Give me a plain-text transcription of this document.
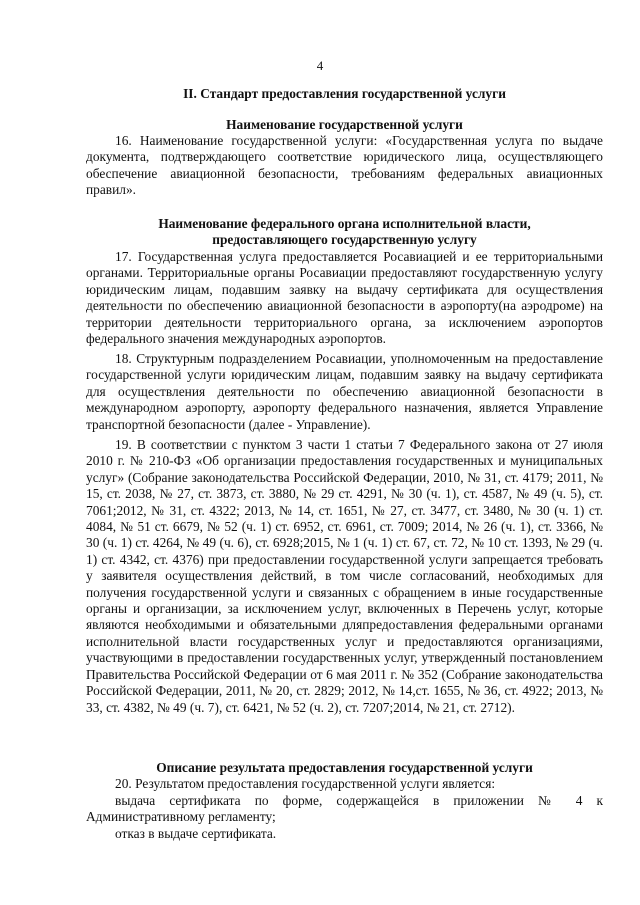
4
II. Стандарт предоставления государственной услуги
Наименование государственной услуги

16. Наименование государственной услуги: «Государственная услуга по выдаче документа, подтверждающего соответствие юридического лица, осуществляющего обеспечение авиационной безопасности, требованиям федеральных авиационных правил».

Наименование федерального органа исполнительной власти,
предоставляющего государственную услугу

17. Государственная услуга предоставляется Росавиацией и ее территориальными органами. Территориальные органы Росавиации предоставляют государственную услугу юридическим лицам, подавшим заявку на выдачу сертификата для осуществления деятельности по обеспечению авиационной безопасности в аэропорту(на аэродроме) на территории деятельности территориального органа, за исключением аэропортов федерального значения международных аэропортов.

18. Структурным подразделением Росавиации, уполномоченным на предоставление государственной услуги юридическим лицам, подавшим заявку на выдачу сертификата для осуществления деятельности по обеспечению авиационной безопасности в международном аэропорту, аэропорту федерального назначения, является Управление транспортной безопасности (далее - Управление).

19. В соответствии с пунктом 3 части 1 статьи 7 Федерального закона от 27 июля 2010 г. № 210-ФЗ «Об организации предоставления государственных и муниципальных услуг» (Собрание законодательства Российской Федерации, 2010, № 31, ст. 4179; 2011, № 15, ст. 2038, № 27, ст. 3873, ст. 3880, № 29 ст. 4291, № 30 (ч. 1), ст. 4587, № 49 (ч. 5), ст. 7061;2012, № 31, ст. 4322; 2013, № 14, ст. 1651, № 27, ст. 3477, ст. 3480, № 30 (ч. 1) ст. 4084, № 51 ст. 6679, № 52 (ч. 1) ст. 6952, ст. 6961, ст. 7009; 2014, № 26 (ч. 1), ст. 3366, № 30 (ч. 1) ст. 4264, № 49 (ч. 6), ст. 6928;2015, № 1 (ч. 1) ст. 67, ст. 72, № 10 ст. 1393, № 29 (ч. 1) ст. 4342, ст. 4376) при предоставлении государственной услуги запрещается требовать у заявителя осуществления действий, в том числе согласований, необходимых для получения государственной услуги и связанных с обращением в иные государственные органы и организации, за исключением услуг, включенных в Перечень услуг, которые являются необходимыми и обязательными дляпредоставления федеральными органами исполнительной власти государственных услуг и предоставляются организациями, участвующими в предоставлении государственных услуг, утвержденный постановлением Правительства Российской Федерации от 6 мая 2011 г. № 352 (Собрание законодательства Российской Федерации, 2011, № 20, ст. 2829; 2012, № 14,ст. 1655, № 36, ст. 4922; 2013, № 33, ст. 4382, № 49 (ч. 7), ст. 6421, № 52 (ч. 2), ст. 7207;2014, № 21, ст. 2712).

Описание результата предоставления государственной услуги

20. Результатом предоставления государственной услуги является:

выдача сертификата по форме, содержащейся в приложении № 4 к Административному регламенту;

отказ в выдаче сертификата.
